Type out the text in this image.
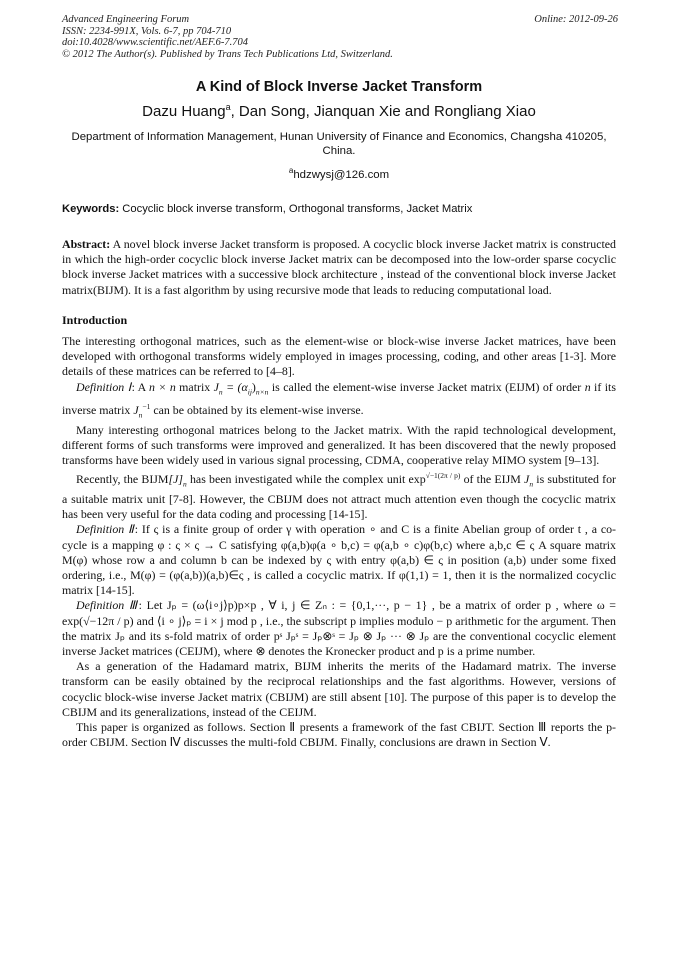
Advanced Engineering Forum
ISSN: 2234-991X, Vols. 6-7, pp 704-710
doi:10.4028/www.scientific.net/AEF.6-7.704
© 2012 The Author(s). Published by Trans Tech Publications Ltd, Switzerland.
Online: 2012-09-26
A Kind of Block Inverse Jacket Transform
Dazu Huang$^a$, Dan Song, Jianquan Xie and Rongliang Xiao
Department of Information Management, Hunan University of Finance and Economics, Changsha 410205, China.
$^a$hdzwysj@126.com
Keywords: Cocyclic block inverse transform, Orthogonal transforms, Jacket Matrix

Abstract: A novel block inverse Jacket transform is proposed. A cocyclic block inverse Jacket matrix is constructed in which the high-order cocyclic block inverse Jacket matrix can be decomposed into the low-order sparse cocyclic block inverse Jacket matrices with a successive block architecture , instead of the conventional block inverse Jacket matrix(BIJM). It is a fast algorithm by using recursive mode that leads to reducing computational load.

Introduction

The interesting orthogonal matrices, such as the element-wise or block-wise inverse Jacket matrices, have been developed with orthogonal transforms widely employed in images processing, coding, and other areas [1-3]. More details of these matrices can be referred to [4–8].

Definition Ⅰ: A n × n matrix $J_n = (\alpha_{ij})_{n\times n}$ is called the element-wise inverse Jacket matrix (EIJM) of order n if its inverse matrix $J_n^{-1}$ can be obtained by its element-wise inverse.

Many interesting orthogonal matrices belong to the Jacket matrix. With the rapid technological development, different forms of such transforms were improved and generalized. It has been discovered that the newly proposed transforms have been widely used in various signal processing, CDMA, cooperative relay MIMO system [9–13].

Recently, the $BIJM[J]_n$ has been investigated while the complex unit $\exp^{√-1(2\pi / p)}$ of the EIJM $J_n$ is substituted for a suitable matrix unit [7-8]. However, the CBIJM does not attract much attention even though the cocyclic matrix has been very useful for the data coding and processing [14-15].

Definition Ⅱ: If ς is a finite group of order γ with operation ∘ and C is a finite Abelian group of order t , a co-cycle is a mapping φ : ς × ς → C satisfying φ(a,b)φ(a ∘ b,c) = φ(a,b ∘ c)φ(b,c) where a,b,c ∈ ς A square matrix M(φ) whose row a and column b can be indexed by ς with entry φ(a,b) ∈ ς in position (a,b) under some fixed ordering, i.e., M(φ) = (φ(a,b))(a,b)∈ς , is called a cocyclic matrix. If φ(1,1) = 1, then it is the normalized cocyclic matrix [14-15].

Definition Ⅲ: Let Jₚ = (ω⟨i∘j⟩p)p×p , ∀ i, j ∈ Zₙ : = {0,1,···, p − 1} , be a matrix of order p , where ω = exp(√−12π / p) and ⟨i ∘ j⟩ₚ = i × j mod p , i.e., the subscript p implies modulo − p arithmetic for the argument. Then the matrix Jₚ and its s-fold matrix of order pˢ Jₚˢ = Jₚ⊗ˢ = Jₚ ⊗ Jₚ ··· ⊗ Jₚ are the conventional cocyclic element inverse Jacket matrices (CEIJM), where ⊗ denotes the Kronecker product and p is a prime number.

As a generation of the Hadamard matrix, BIJM inherits the merits of the Hadamard matrix. The inverse transform can be easily obtained by the reciprocal relationships and the fast algorithms. However, versions of cocyclic block-wise inverse Jacket matrix (CBIJM) are still absent [10]. The purpose of this paper is to develop the CBIJM and its generalizations, instead of the CEIJM.

This paper is organized as follows. Section Ⅱ presents a framework of the fast CBIJT. Section Ⅲ reports the p-order CBIJM. Section Ⅳ discusses the multi-fold CBIJM. Finally, conclusions are drawn in Section Ⅴ.
